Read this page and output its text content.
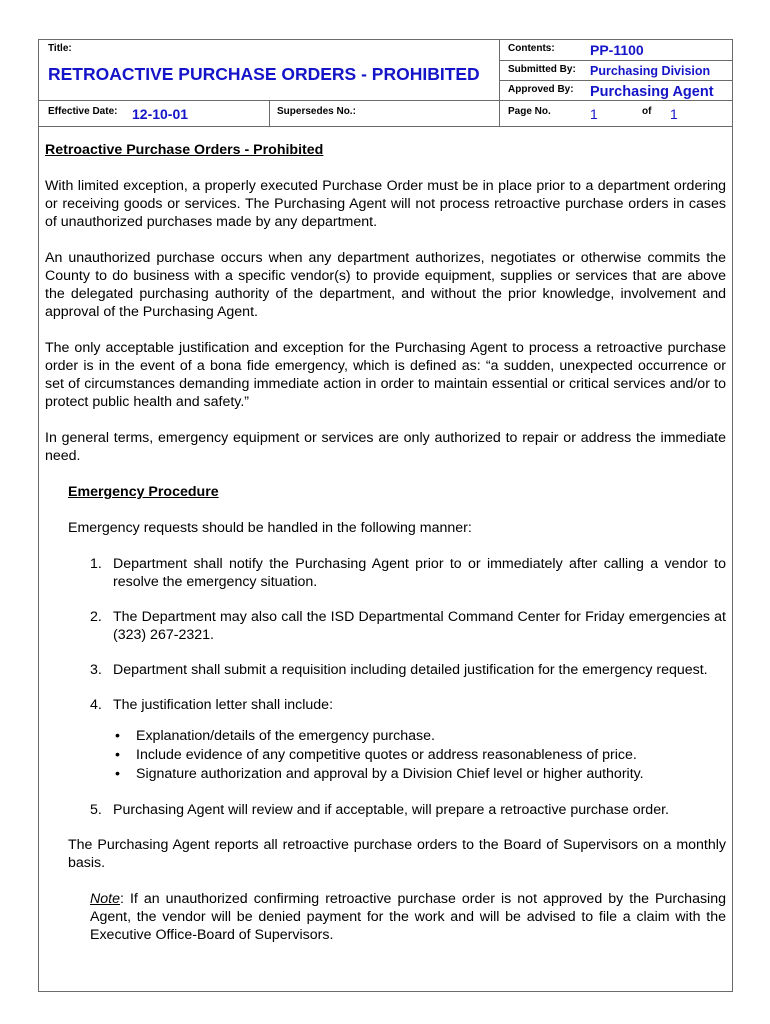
Title:
RETROACTIVE PURCHASE ORDERS - PROHIBITED
Effective Date: 12-10-01	Supersedes No.:
Contents:	PP-1100
Submitted By: Purchasing Division
Approved By: Purchasing Agent
Page No.	1	of 1

Retroactive Purchase Orders - Prohibited

With limited exception, a properly executed Purchase Order must be in place prior to a department ordering or receiving goods or services. The Purchasing Agent will not process retroactive purchase orders in cases of unauthorized purchases made by any department.

An unauthorized purchase occurs when any department authorizes, negotiates or otherwise commits the County to do business with a specific vendor(s) to provide equipment, supplies or services that are above the delegated purchasing authority of the department, and without the prior knowledge, involvement and approval of the Purchasing Agent.

The only acceptable justification and exception for the Purchasing Agent to process a retroactive purchase order is in the event of a bona fide emergency, which is defined as: “a sudden, unexpected occurrence or set of circumstances demanding immediate action in order to maintain essential or critical services and/or to protect public health and safety.”

In general terms, emergency equipment or services are only authorized to repair or address the immediate need.

Emergency Procedure

Emergency requests should be handled in the following manner:

1. Department shall notify the Purchasing Agent prior to or immediately after calling a vendor to resolve the emergency situation.
2. The Department may also call the ISD Departmental Command Center for Friday emergencies at (323) 267-2321.
3. Department shall submit a requisition including detailed justification for the emergency request.
4. The justification letter shall include:
• Explanation/details of the emergency purchase.
• Include evidence of any competitive quotes or address reasonableness of price.
• Signature authorization and approval by a Division Chief level or higher authority.
5. Purchasing Agent will review and if acceptable, will prepare a retroactive purchase order.

The Purchasing Agent reports all retroactive purchase orders to the Board of Supervisors on a monthly basis.

Note: If an unauthorized confirming retroactive purchase order is not approved by the Purchasing Agent, the vendor will be denied payment for the work and will be advised to file a claim with the Executive Office-Board of Supervisors.
